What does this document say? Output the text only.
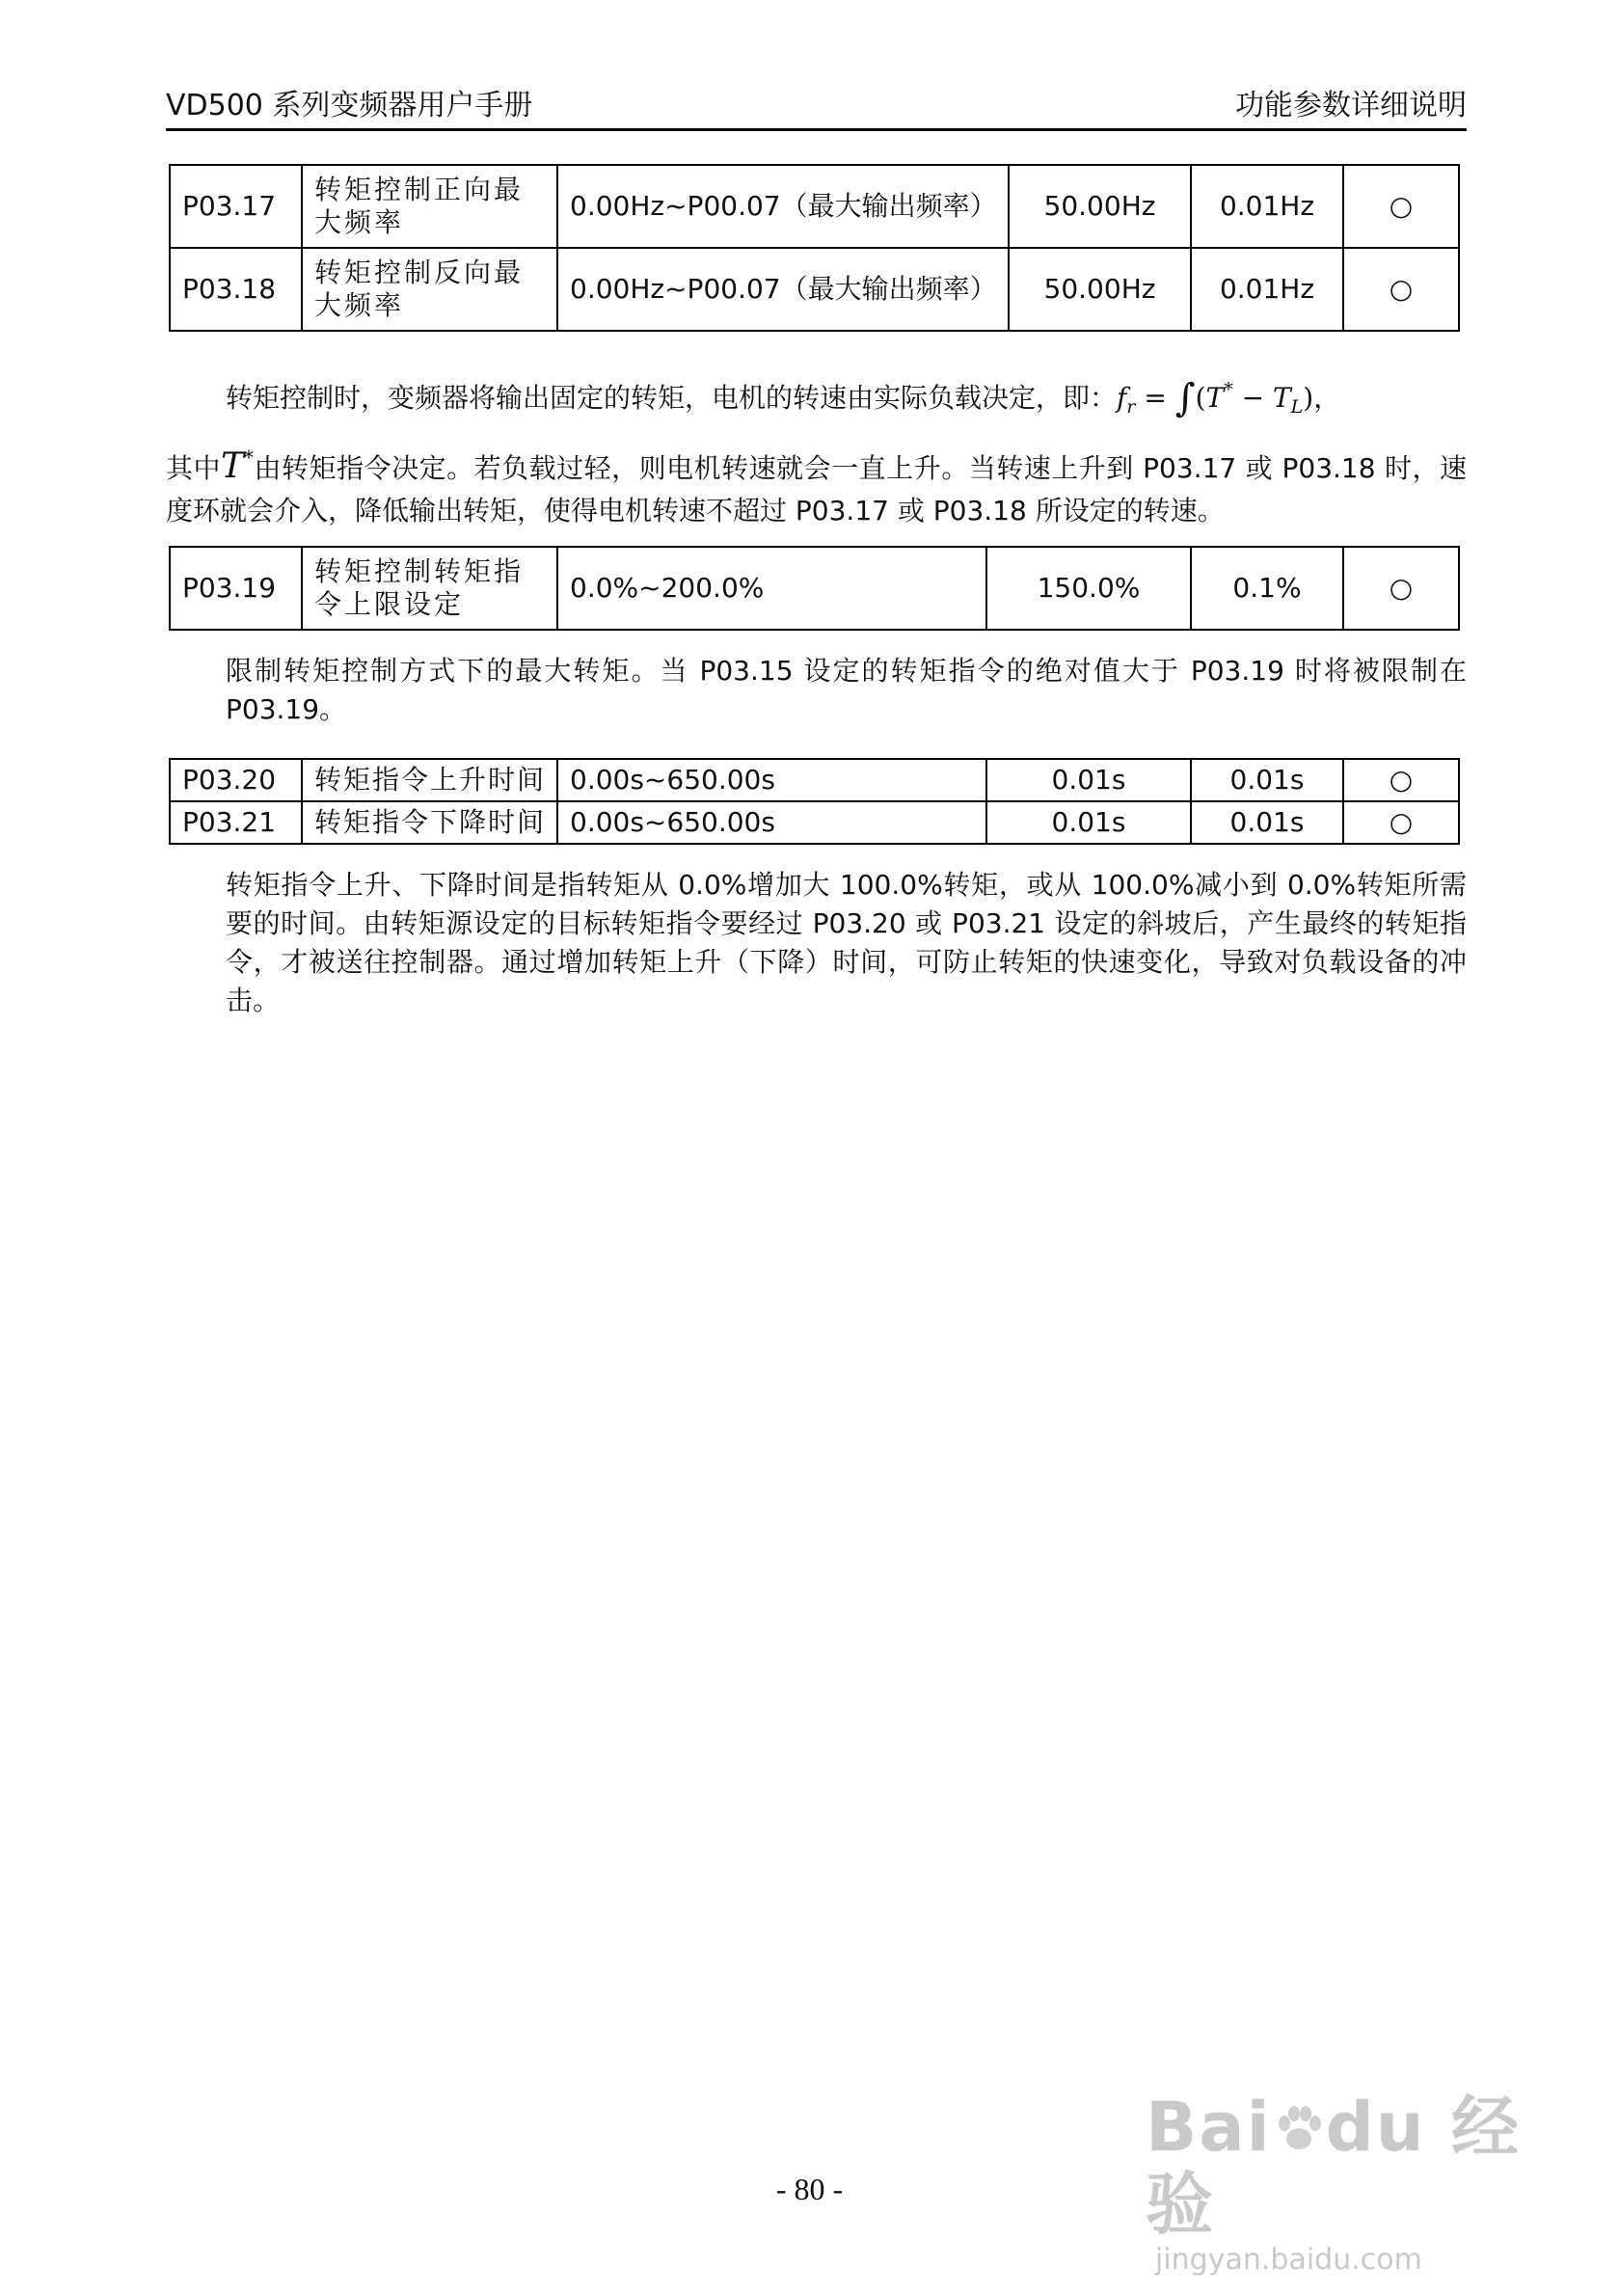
VD500 系列变频器用户手册	功能参数详细说明
P03.17	转矩控制正向最大频率	0.00Hz~P00.07（最大输出频率）	50.00Hz	0.01Hz	○
P03.18	转矩控制反向最大频率	0.00Hz~P00.07（最大输出频率）	50.00Hz	0.01Hz	○
转矩控制时，变频器将输出固定的转矩，电机的转速由实际负载决定，即：$f_r = \int(T^* - T_L)$，
其中T*由转矩指令决定。若负载过轻，则电机转速就会一直上升。当转速上升到 P03.17 或 P03.18 时，速度环就会介入，降低输出转矩，使得电机转速不超过 P03.17 或 P03.18 所设定的转速。
P03.19	转矩控制转矩指令上限设定	0.0%~200.0%	150.0%	0.1%	○

限制转矩控制方式下的最大转矩。当 P03.15 设定的转矩指令的绝对值大于 P03.19 时将被限制在 P03.19。

P03.20	转矩指令上升时间	0.00s~650.00s	0.01s	0.01s	○
P03.21	转矩指令下降时间	0.00s~650.00s	0.01s	0.01s	○

转矩指令上升、下降时间是指转矩从 0.0%增加大 100.0%转矩，或从 100.0%减小到 0.0%转矩所需要的时间。由转矩源设定的目标转矩指令要经过 P03.20 或 P03.21 设定的斜坡后，产生最终的转矩指令，才被送往控制器。通过增加转矩上升（下降）时间，可防止转矩的快速变化，导致对负载设备的冲击。

- 80 -
Bai du 经验
jingyan.baidu.com
